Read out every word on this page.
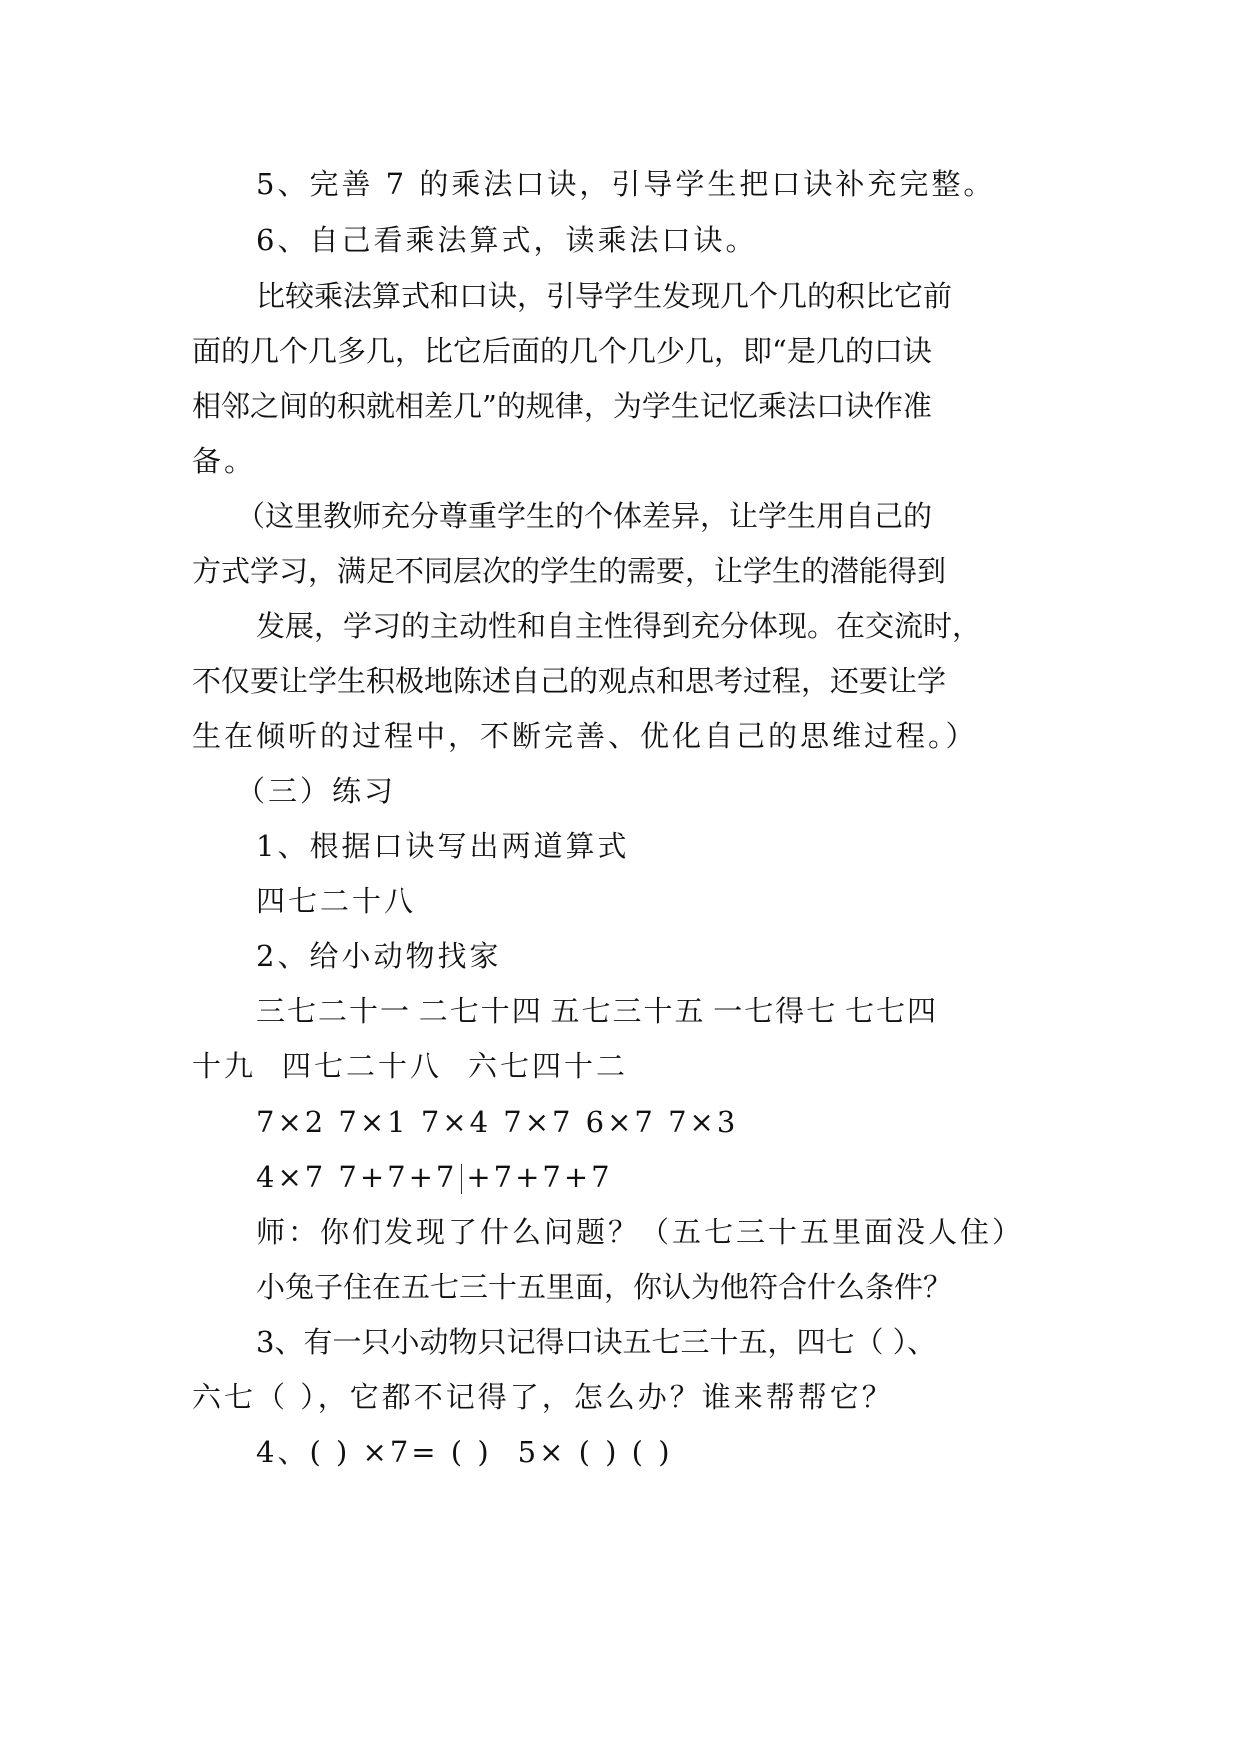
5、完善 7 的乘法口诀，引导学生把口诀补充完整。
6、自己看乘法算式，读乘法口诀。
比较乘法算式和口诀，引导学生发现几个几的积比它前
面的几个几多几，比它后面的几个几少几，即“是几的口诀
相邻之间的积就相差几”的规律，为学生记忆乘法口诀作准
备。
（这里教师充分尊重学生的个体差异，让学生用自己的
方式学习，满足不同层次的学生的需要，让学生的潜能得到
发展，学习的主动性和自主性得到充分体现。在交流时，
不仅要让学生积极地陈述自己的观点和思考过程，还要让学
生在倾听的过程中，不断完善、优化自己的思维过程。）
（三）练习
1、根据口诀写出两道算式
四七二十八
2、给小动物找家
三七二十一 二七十四 五七三十五 一七得七 七七四
十九 四七二十八 六七四十二
7×2 7×1 7×4 7×7 6×7 7×3
4×7 7+7+7 +7+7+7
师：你们发现了什么问题？ （五七三十五里面没人住）
小兔子住在五七三十五里面，你认为他符合什么条件？
3、有一只小动物只记得口诀五七三十五，四七（ ）、
六七（ ），它都不记得了，怎么办？谁来帮帮它？
4、( ) ×7= ( ) 5× ( ) ( )
